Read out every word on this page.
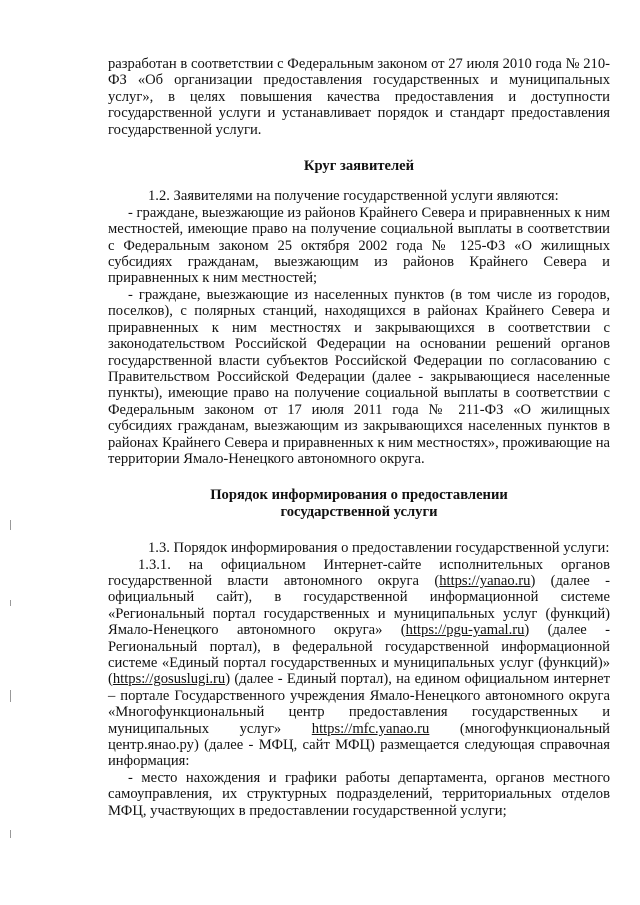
разработан в соответствии с Федеральным законом от 27 июля 2010 года № 210-ФЗ «Об организации предоставления государственных и муниципальных услуг», в целях повышения качества предоставления и доступности государственной услуги и устанавливает порядок и стандарт предоставления государственной услуги.

Круг заявителей

1.2. Заявителями на получение государственной услуги являются:

- граждане, выезжающие из районов Крайнего Севера и приравненных к ним местностей, имеющие право на получение социальной выплаты в соответствии с Федеральным законом 25 октября 2002 года № 125-ФЗ «О жилищных субсидиях гражданам, выезжающим из районов Крайнего Севера и приравненных к ним местностей;

- граждане, выезжающие из населенных пунктов (в том числе из городов, поселков), с полярных станций, находящихся в районах Крайнего Севера и приравненных к ним местностях и закрывающихся в соответствии с законодательством Российской Федерации на основании решений органов государственной власти субъектов Российской Федерации по согласованию с Правительством Российской Федерации (далее - закрывающиеся населенные пункты), имеющие право на получение социальной выплаты в соответствии с Федеральным законом от 17 июля 2011 года № 211-ФЗ «О жилищных субсидиях гражданам, выезжающим из закрывающихся населенных пунктов в районах Крайнего Севера и приравненных к ним местностях», проживающие на территории Ямало-Ненецкого автономного округа.

Порядок информирования о предоставлении
государственной услуги

1.3. Порядок информирования о предоставлении государственной услуги:

1.3.1. на официальном Интернет-сайте исполнительных органов государственной власти автономного округа (https://yanao.ru) (далее - официальный сайт), в государственной информационной системе «Региональный портал государственных и муниципальных услуг (функций) Ямало-Ненецкого автономного округа» (https://pgu-yamal.ru) (далее - Региональный портал), в федеральной государственной информационной системе «Единый портал государственных и муниципальных услуг (функций)» (https://gosuslugi.ru) (далее - Единый портал), на едином официальном интернет – портале Государственного учреждения Ямало-Ненецкого автономного округа «Многофункциональный центр предоставления государственных и муниципальных услуг» https://mfc.yanao.ru (многофункциональный центр.янао.ру) (далее - МФЦ, сайт МФЦ) размещается следующая справочная информация:

- место нахождения и графики работы департамента, органов местного самоуправления, их структурных подразделений, территориальных отделов МФЦ, участвующих в предоставлении государственной услуги;
